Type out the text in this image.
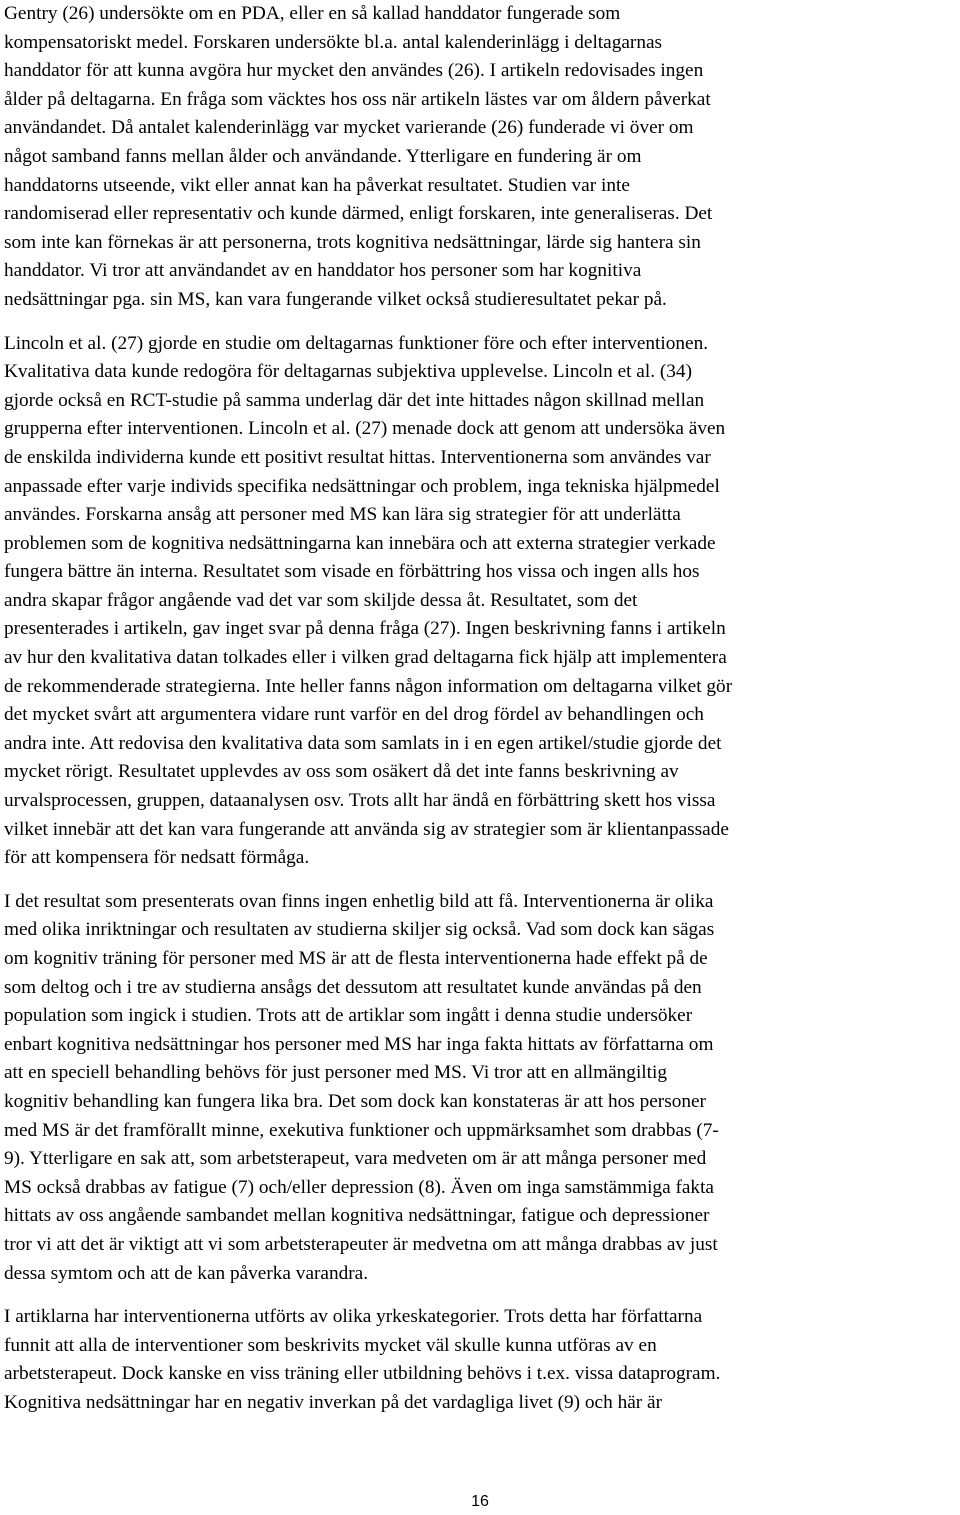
Gentry (26) undersökte om en PDA, eller en så kallad handdator fungerade som
kompensatoriskt medel. Forskaren undersökte bl.a. antal kalenderinlägg i deltagarnas
handdator för att kunna avgöra hur mycket den användes (26). I artikeln redovisades ingen
ålder på deltagarna. En fråga som väcktes hos oss när artikeln lästes var om åldern påverkat
användandet. Då antalet kalenderinlägg var mycket varierande (26) funderade vi över om
något samband fanns mellan ålder och användande. Ytterligare en fundering är om
handdatorns utseende, vikt eller annat kan ha påverkat resultatet. Studien var inte
randomiserad eller representativ och kunde därmed, enligt forskaren, inte generaliseras. Det
som inte kan förnekas är att personerna, trots kognitiva nedsättningar, lärde sig hantera sin
handdator. Vi tror att användandet av en handdator hos personer som har kognitiva
nedsättningar pga. sin MS, kan vara fungerande vilket också studieresultatet pekar på.

Lincoln et al. (27) gjorde en studie om deltagarnas funktioner före och efter interventionen.
Kvalitativa data kunde redogöra för deltagarnas subjektiva upplevelse. Lincoln et al. (34)
gjorde också en RCT-studie på samma underlag där det inte hittades någon skillnad mellan
grupperna efter interventionen. Lincoln et al. (27) menade dock att genom att undersöka även
de enskilda individerna kunde ett positivt resultat hittas. Interventionerna som användes var
anpassade efter varje individs specifika nedsättningar och problem, inga tekniska hjälpmedel
användes. Forskarna ansåg att personer med MS kan lära sig strategier för att underlätta
problemen som de kognitiva nedsättningarna kan innebära och att externa strategier verkade
fungera bättre än interna. Resultatet som visade en förbättring hos vissa och ingen alls hos
andra skapar frågor angående vad det var som skiljde dessa åt. Resultatet, som det
presenterades i artikeln, gav inget svar på denna fråga (27). Ingen beskrivning fanns i artikeln
av hur den kvalitativa datan tolkades eller i vilken grad deltagarna fick hjälp att implementera
de rekommenderade strategierna. Inte heller fanns någon information om deltagarna vilket gör
det mycket svårt att argumentera vidare runt varför en del drog fördel av behandlingen och
andra inte. Att redovisa den kvalitativa data som samlats in i en egen artikel/studie gjorde det
mycket rörigt. Resultatet upplevdes av oss som osäkert då det inte fanns beskrivning av
urvalsprocessen, gruppen, dataanalysen osv. Trots allt har ändå en förbättring skett hos vissa
vilket innebär att det kan vara fungerande att använda sig av strategier som är klientanpassade
för att kompensera för nedsatt förmåga.

I det resultat som presenterats ovan finns ingen enhetlig bild att få. Interventionerna är olika
med olika inriktningar och resultaten av studierna skiljer sig också. Vad som dock kan sägas
om kognitiv träning för personer med MS är att de flesta interventionerna hade effekt på de
som deltog och i tre av studierna ansågs det dessutom att resultatet kunde användas på den
population som ingick i studien. Trots att de artiklar som ingått i denna studie undersöker
enbart kognitiva nedsättningar hos personer med MS har inga fakta hittats av författarna om
att en speciell behandling behövs för just personer med MS. Vi tror att en allmängiltig
kognitiv behandling kan fungera lika bra. Det som dock kan konstateras är att hos personer
med MS är det framförallt minne, exekutiva funktioner och uppmärksamhet som drabbas (7-
9). Ytterligare en sak att, som arbetsterapeut, vara medveten om är att många personer med
MS också drabbas av fatigue (7) och/eller depression (8). Även om inga samstämmiga fakta
hittats av oss angående sambandet mellan kognitiva nedsättningar, fatigue och depressioner
tror vi att det är viktigt att vi som arbetsterapeuter är medvetna om att många drabbas av just
dessa symtom och att de kan påverka varandra.

I artiklarna har interventionerna utförts av olika yrkeskategorier. Trots detta har författarna
funnit att alla de interventioner som beskrivits mycket väl skulle kunna utföras av en
arbetsterapeut. Dock kanske en viss träning eller utbildning behövs i t.ex. vissa dataprogram.
Kognitiva nedsättningar har en negativ inverkan på det vardagliga livet (9) och här är

16
